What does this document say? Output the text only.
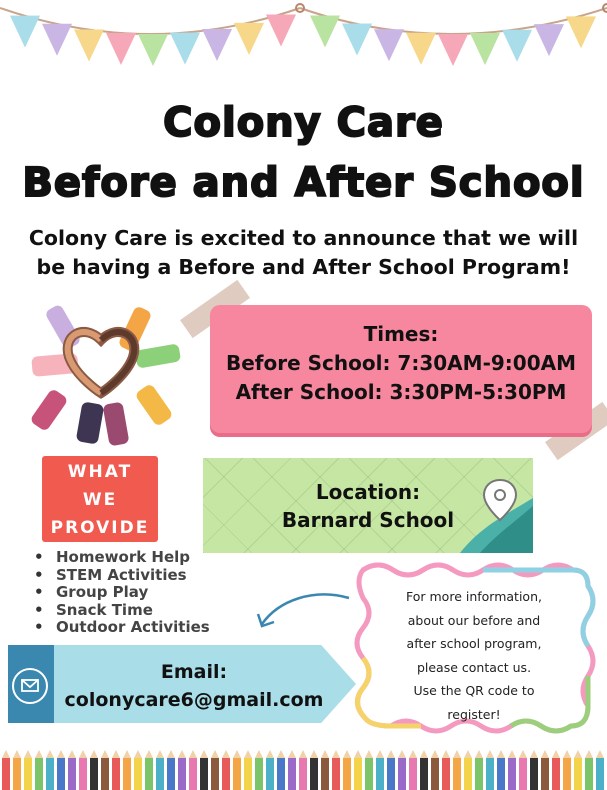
Colony Care
Before and After School
Colony Care is excited to announce that we will
be having a Before and After School Program!
Times:
Before School: 7:30AM-9:00AM
After School: 3:30PM-5:30PM
Location:
Barnard School
WHAT
WE
PROVIDE
• Homework Help
• STEM Activities
• Group Play
• Snack Time
• Outdoor Activities
Email:
colonycare6@gmail.com
For more information,
about our before and
after school program,
please contact us.
Use the QR code to
register!
